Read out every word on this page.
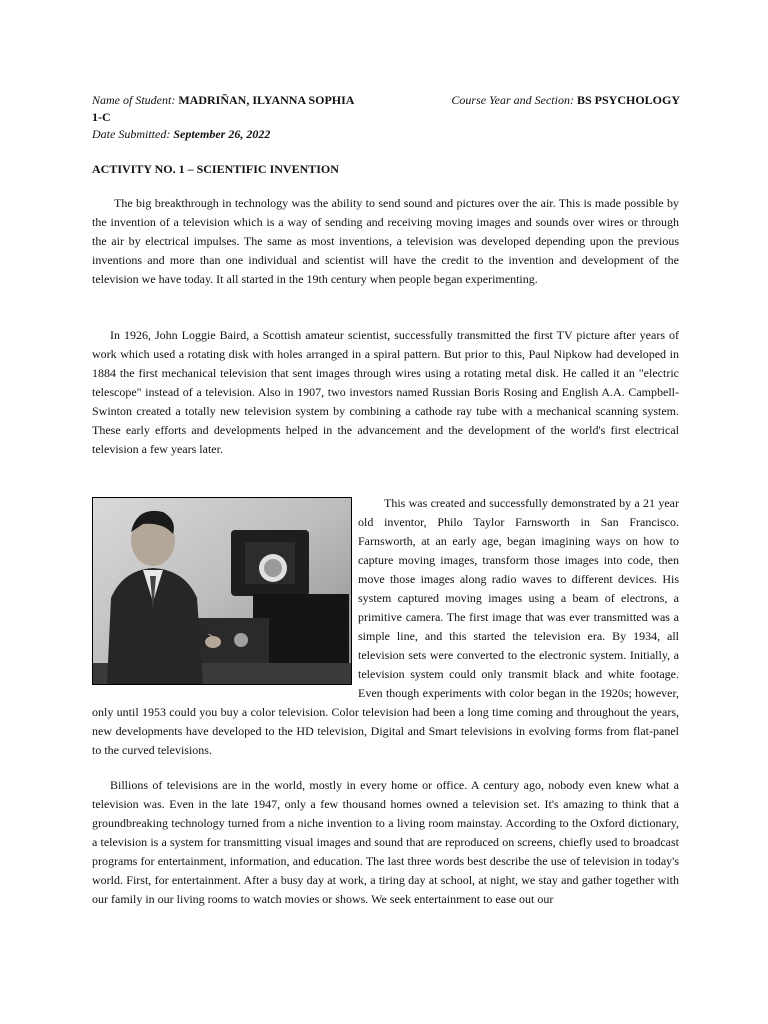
Name of Student: MADRIÑAN, ILYANNA SOPHIA	Course Year and Section: BS PSYCHOLOGY
1-C
Date Submitted: September 26, 2022
ACTIVITY NO. 1 – SCIENTIFIC INVENTION

The big breakthrough in technology was the ability to send sound and pictures over the air. This is made possible by the invention of a television which is a way of sending and receiving moving images and sounds over wires or through the air by electrical impulses. The same as most inventions, a television was developed depending upon the previous inventions and more than one individual and scientist will have the credit to the invention and development of the television we have today. It all started in the 19th century when people began experimenting.

In 1926, John Loggie Baird, a Scottish amateur scientist, successfully transmitted the first TV picture after years of work which used a rotating disk with holes arranged in a spiral pattern. But prior to this, Paul Nipkow had developed in 1884 the first mechanical television that sent images through wires using a rotating metal disk. He called it an "electric telescope" instead of a television. Also in 1907, two investors named Russian Boris Rosing and English A.A. Campbell-Swinton created a totally new television system by combining a cathode ray tube with a mechanical scanning system. These early efforts and developments helped in the advancement and the development of the world's first electrical television a few years later.

This was created and successfully demonstrated by a 21 year old inventor, Philo Taylor Farnsworth in San Francisco. Farnsworth, at an early age, began imagining ways on how to capture moving images, transform those images into code, then move those images along radio waves to different devices. His system captured moving images using a beam of electrons, a primitive camera. The first image that was ever transmitted was a simple line, and this started the television era. By 1934, all television sets were converted to the electronic system. Initially, a television system could only transmit black and white footage. Even though experiments with color began in the 1920s; however, only until 1953 could you buy a color television. Color television had been a long time coming and throughout the years, new developments have developed to the HD television, Digital and Smart televisions in evolving forms from flat-panel to the curved televisions.

Billions of televisions are in the world, mostly in every home or office. A century ago, nobody even knew what a television was. Even in the late 1947, only a few thousand homes owned a television set. It's amazing to think that a groundbreaking technology turned from a niche invention to a living room mainstay. According to the Oxford dictionary, a television is a system for transmitting visual images and sound that are reproduced on screens, chiefly used to broadcast programs for entertainment, information, and education. The last three words best describe the use of television in today's world. First, for entertainment. After a busy day at work, a tiring day at school, at night, we stay and gather together with our family in our living rooms to watch movies or shows. We seek entertainment to ease out our
